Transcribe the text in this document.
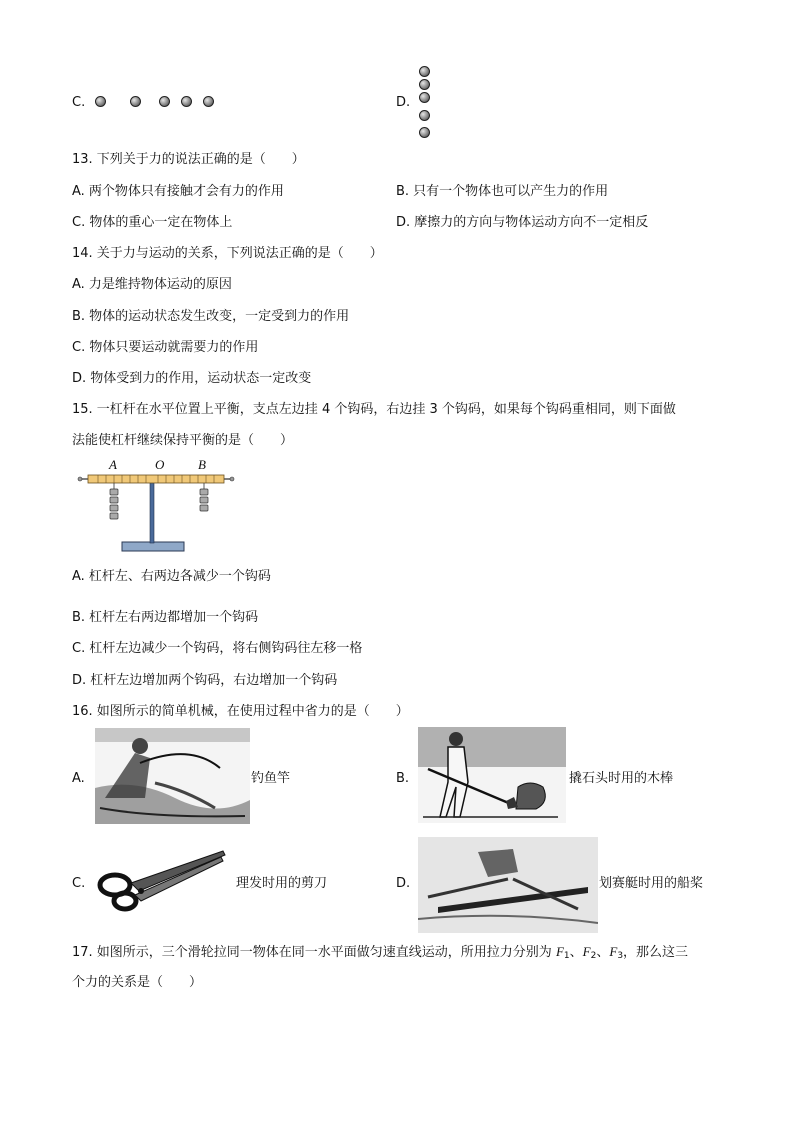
C.	D.
13. 下列关于力的说法正确的是（　　）
A. 两个物体只有接触才会有力的作用	B. 只有一个物体也可以产生力的作用
C. 物体的重心一定在物体上	D. 摩擦力的方向与物体运动方向不一定相反
14. 关于力与运动的关系，下列说法正确的是（　　）
A. 力是维持物体运动的原因
B. 物体的运动状态发生改变，一定受到力的作用
C. 物体只要运动就需要力的作用
D. 物体受到力的作用，运动状态一定改变
15. 一杠杆在水平位置上平衡，支点左边挂 4 个钩码，右边挂 3 个钩码，如果每个钩码重相同，则下面做
法能使杠杆继续保持平衡的是（　　）
A	O	B
A. 杠杆左、右两边各减少一个钩码
B. 杠杆左右两边都增加一个钩码
C. 杠杆左边减少一个钩码，将右侧钩码往左移一格
D. 杠杆左边增加两个钩码，右边增加一个钩码
16. 如图所示的简单机械，在使用过程中省力的是（　　）
A.	钓鱼竿	B.	撬石头时用的木棒
C.	理发时用的剪刀	D.	划赛艇时用的船桨
17. 如图所示，三个滑轮拉同一物体在同一水平面做匀速直线运动，所用拉力分别为 $F_1$、$F_2$、$F_3$，那么这三
个力的关系是（　　）
